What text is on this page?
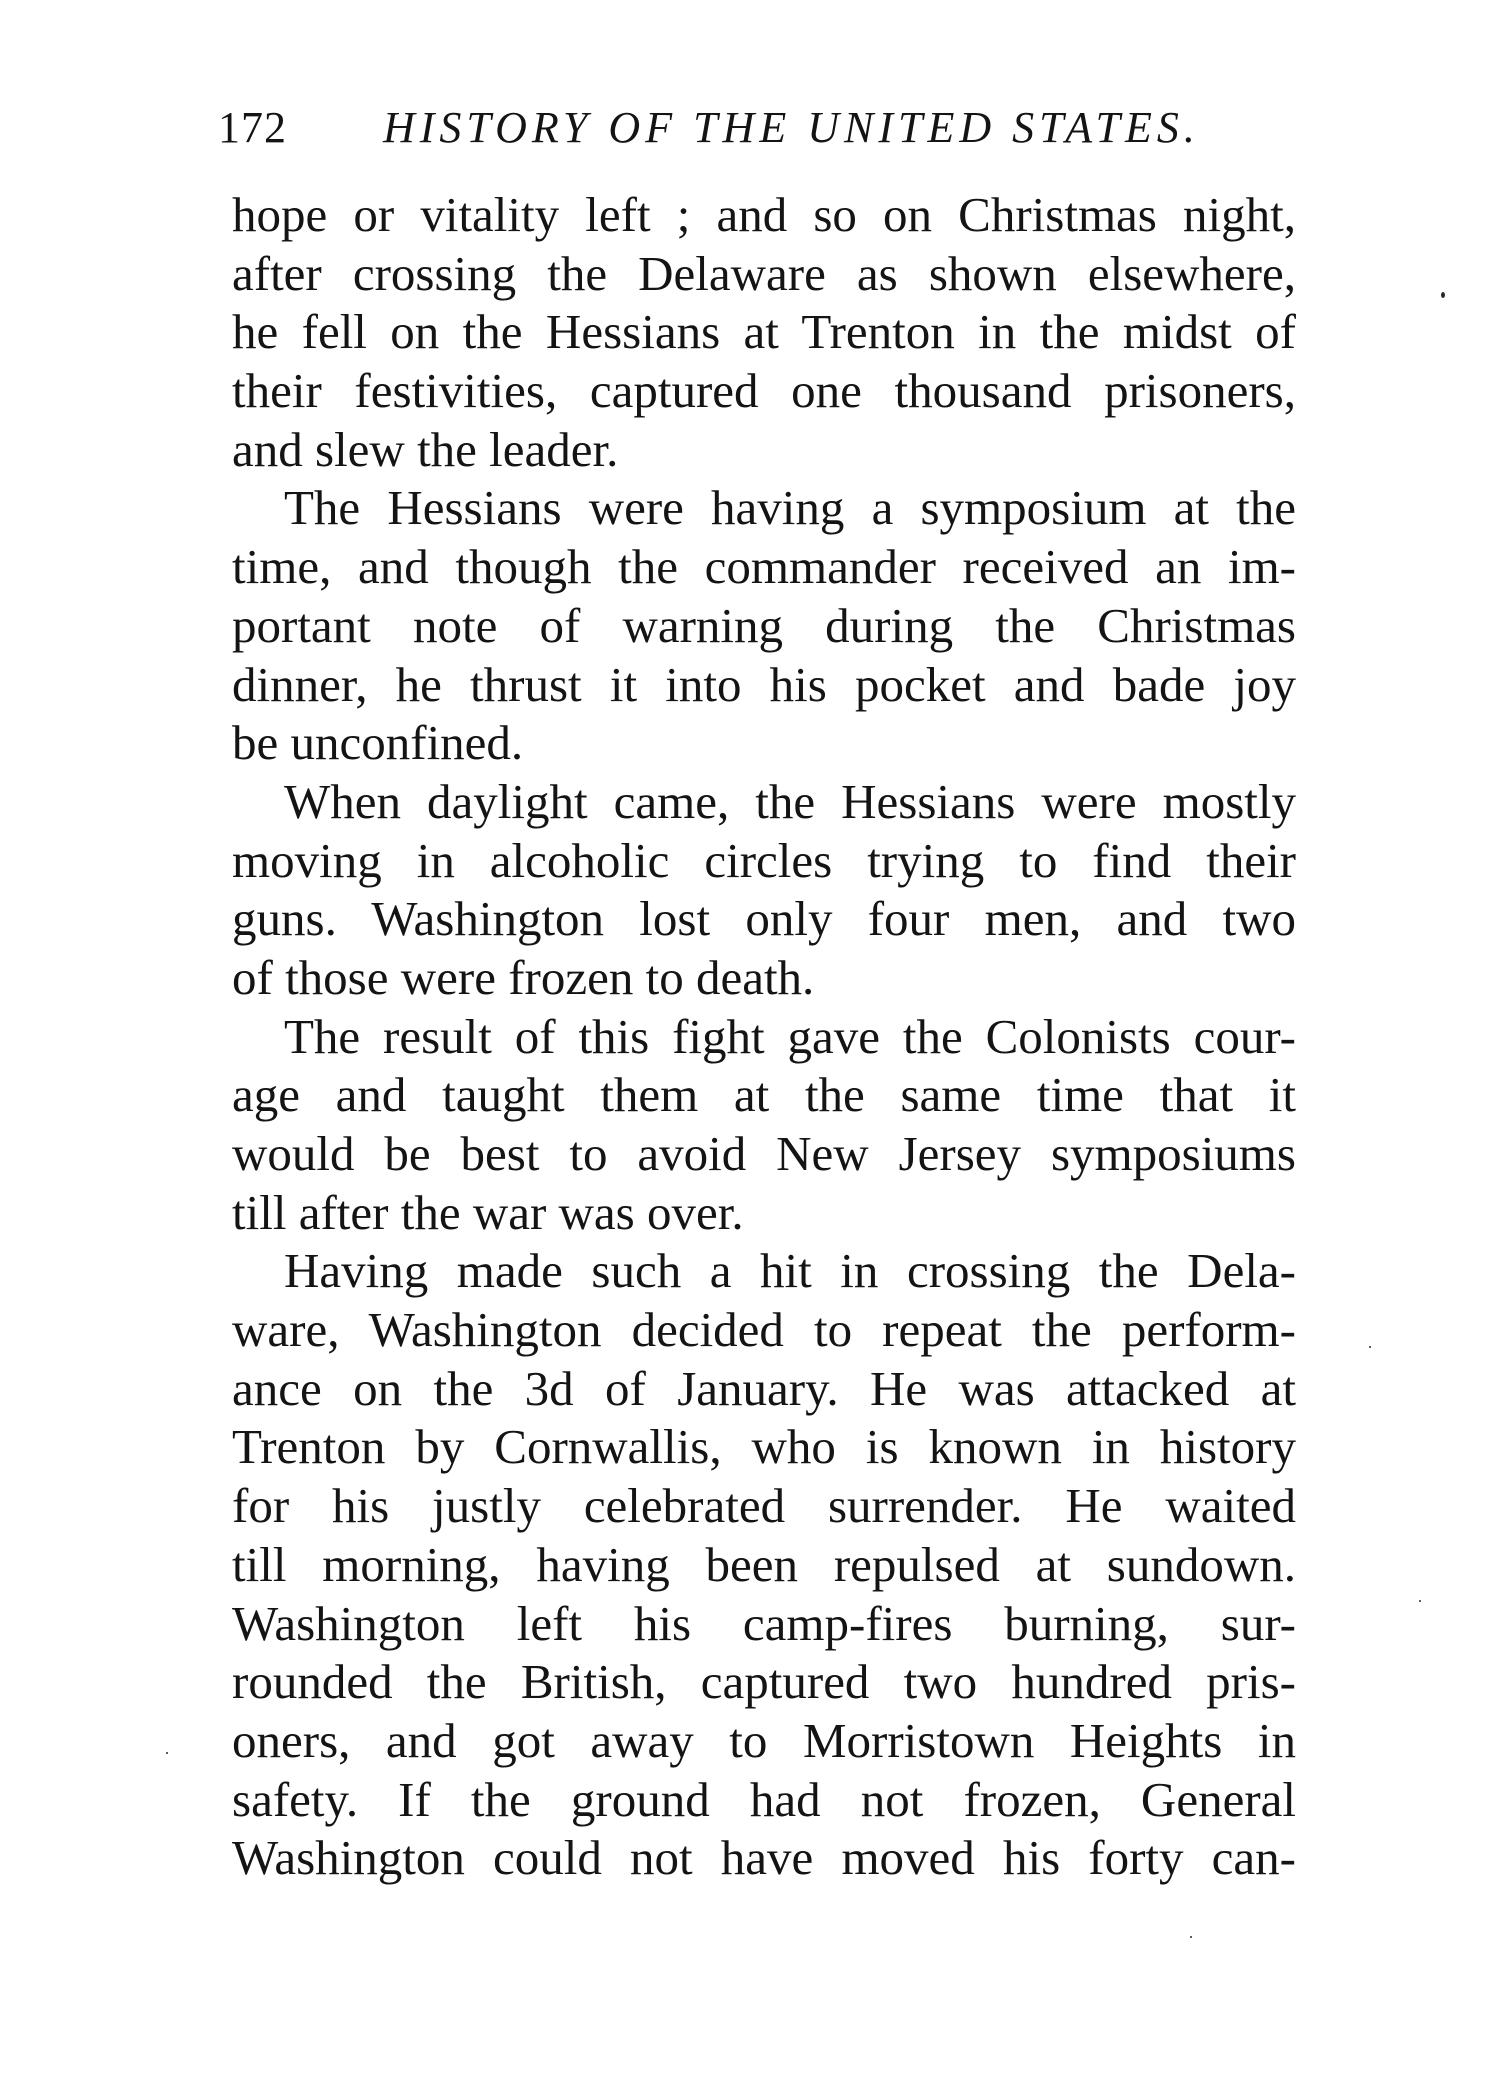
172 HISTORY OF THE UNITED STATES.
hope or vitality left ; and so on Christmas night,
after crossing the Delaware as shown elsewhere,
he fell on the Hessians at Trenton in the midst of
their festivities, captured one thousand prisoners,
and slew the leader.
The Hessians were having a symposium at the
time, and though the commander received an im-
portant note of warning during the Christmas
dinner, he thrust it into his pocket and bade joy
be unconfined.
When daylight came, the Hessians were mostly
moving in alcoholic circles trying to find their
guns. Washington lost only four men, and two
of those were frozen to death.
The result of this fight gave the Colonists cour-
age and taught them at the same time that it
would be best to avoid New Jersey symposiums
till after the war was over.
Having made such a hit in crossing the Dela-
ware, Washington decided to repeat the perform-
ance on the 3d of January. He was attacked at
Trenton by Cornwallis, who is known in history
for his justly celebrated surrender. He waited
till morning, having been repulsed at sundown.
Washington left his camp-fires burning, sur-
rounded the British, captured two hundred pris-
oners, and got away to Morristown Heights in
safety. If the ground had not frozen, General
Washington could not have moved his forty can-
